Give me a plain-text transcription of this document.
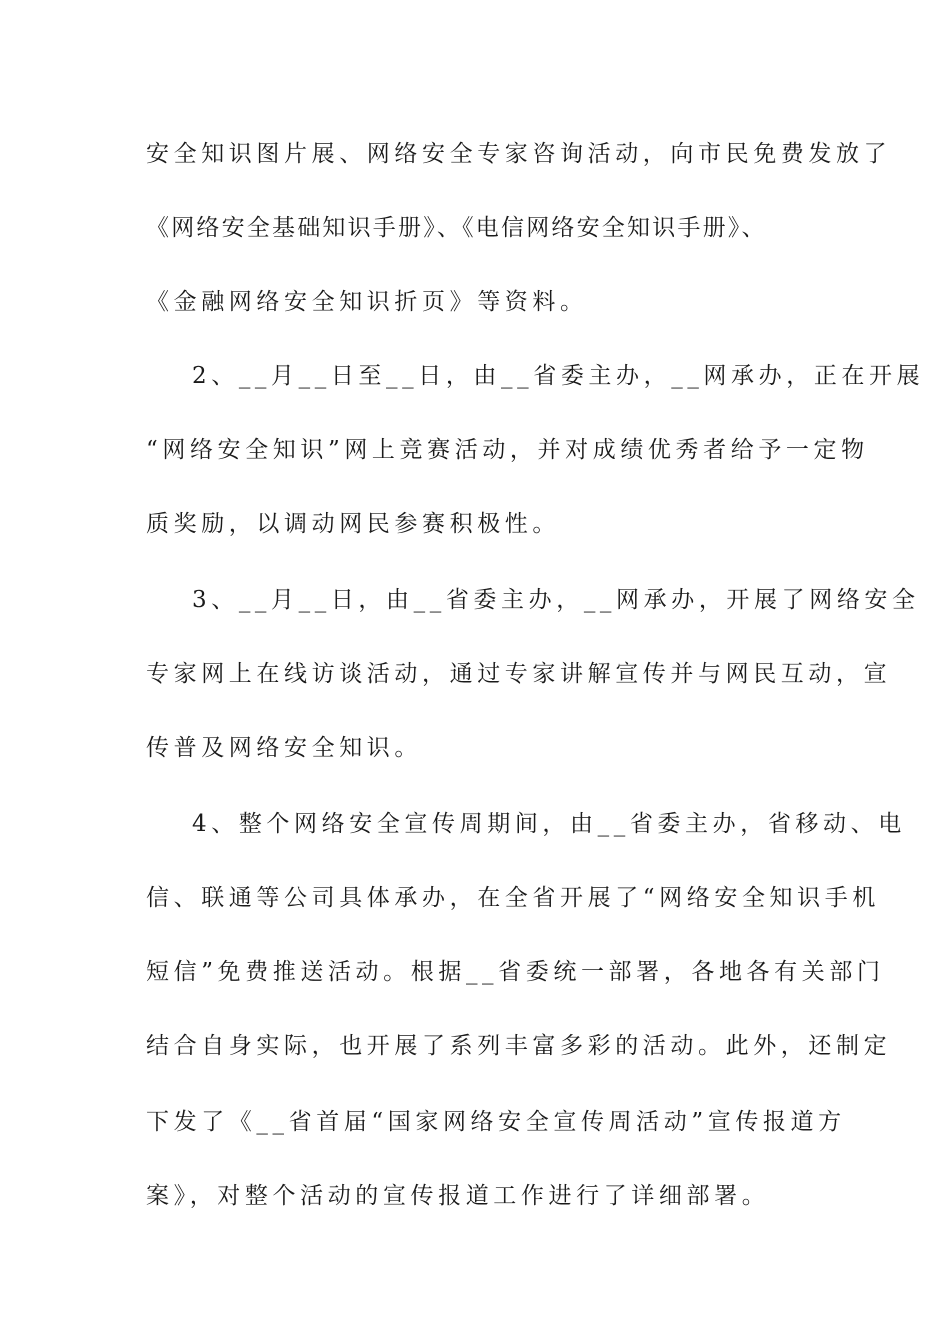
安全知识图片展、网络安全专家咨询活动，向市民免费发放了
《网络安全基础知识手册》、《电信网络安全知识手册》、
《金融网络安全知识折页》等资料。
2、__月__日至__日，由__省委主办，__网承办，正在开展
“网络安全知识”网上竞赛活动，并对成绩优秀者给予一定物
质奖励，以调动网民参赛积极性。
3、__月__日，由__省委主办，__网承办，开展了网络安全
专家网上在线访谈活动，通过专家讲解宣传并与网民互动，宣
传普及网络安全知识。
4、整个网络安全宣传周期间，由__省委主办，省移动、电
信、联通等公司具体承办，在全省开展了“网络安全知识手机
短信”免费推送活动。根据__省委统一部署，各地各有关部门
结合自身实际，也开展了系列丰富多彩的活动。此外，还制定
下发了《__省首届“国家网络安全宣传周活动”宣传报道方
案》，对整个活动的宣传报道工作进行了详细部署。
